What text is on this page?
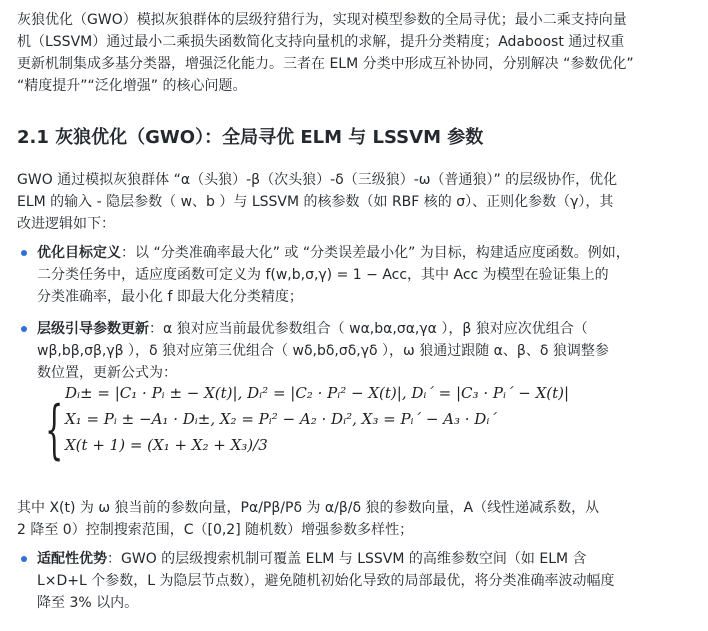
灰狼优化（GWO）模拟灰狼群体的层级狩猎行为，实现对模型参数的全局寻优；最小二乘支持向量

机（LSSVM）通过最小二乘损失函数简化支持向量机的求解，提升分类精度；Adaboost 通过权重

更新机制集成多基分类器，增强泛化能力。三者在 ELM 分类中形成互补协同，分别解决 “参数优化”

“精度提升”“泛化增强” 的核心问题。

2.1 灰狼优化（GWO）：全局寻优 ELM 与 LSSVM 参数

GWO 通过模拟灰狼群体 “α（头狼）-β（次头狼）-δ（三级狼）-ω（普通狼）” 的层级协作，优化

ELM 的输入 - 隐层参数（ w、b ）与 LSSVM 的核参数（如 RBF 核的 σ）、正则化参数（γ），其

改进逻辑如下：

优化目标定义：以 “分类准确率最大化” 或 “分类误差最小化” 为目标，构建适应度函数。例如，
二分类任务中，适应度函数可定义为 f(w,b,σ,γ) = 1 − Acc，其中 Acc 为模型在验证集上的
分类准确率，最小化 f 即最大化分类精度；
层级引导参数更新：α 狼对应当前最优参数组合（ wα,bα,σα,γα ），β 狼对应次优组合（
wβ,bβ,σβ,γβ ），δ 狼对应第三优组合（ wδ,bδ,σδ,γδ ），ω 狼通过跟随 α、β、δ 狼调整参
数位置，更新公式为：
{ Dᵢ± = |C₁ · Pᵢ ± − X(t)|, Dᵢ² = |C₂ · Pᵢ² − X(t)|, Dᵢ´ = |C₃ · Pᵢ´ − X(t)|
X₁ = Pᵢ ± −A₁ · Dᵢ±, X₂ = Pᵢ² − A₂ · Dᵢ², X₃ = Pᵢ´ − A₃ · Dᵢ´
X(t + 1) = (X₁ + X₂ + X₃)/3

其中 X(t) 为 ω 狼当前的参数向量，Pα/Pβ/Pδ 为 α/β/δ 狼的参数向量，A（线性递减系数，从

2 降至 0）控制搜索范围，C（[0,2] 随机数）增强参数多样性；

适配性优势：GWO 的层级搜索机制可覆盖 ELM 与 LSSVM 的高维参数空间（如 ELM 含
L×D+L 个参数，L 为隐层节点数），避免随机初始化导致的局部最优，将分类准确率波动幅度
降至 3% 以内。
